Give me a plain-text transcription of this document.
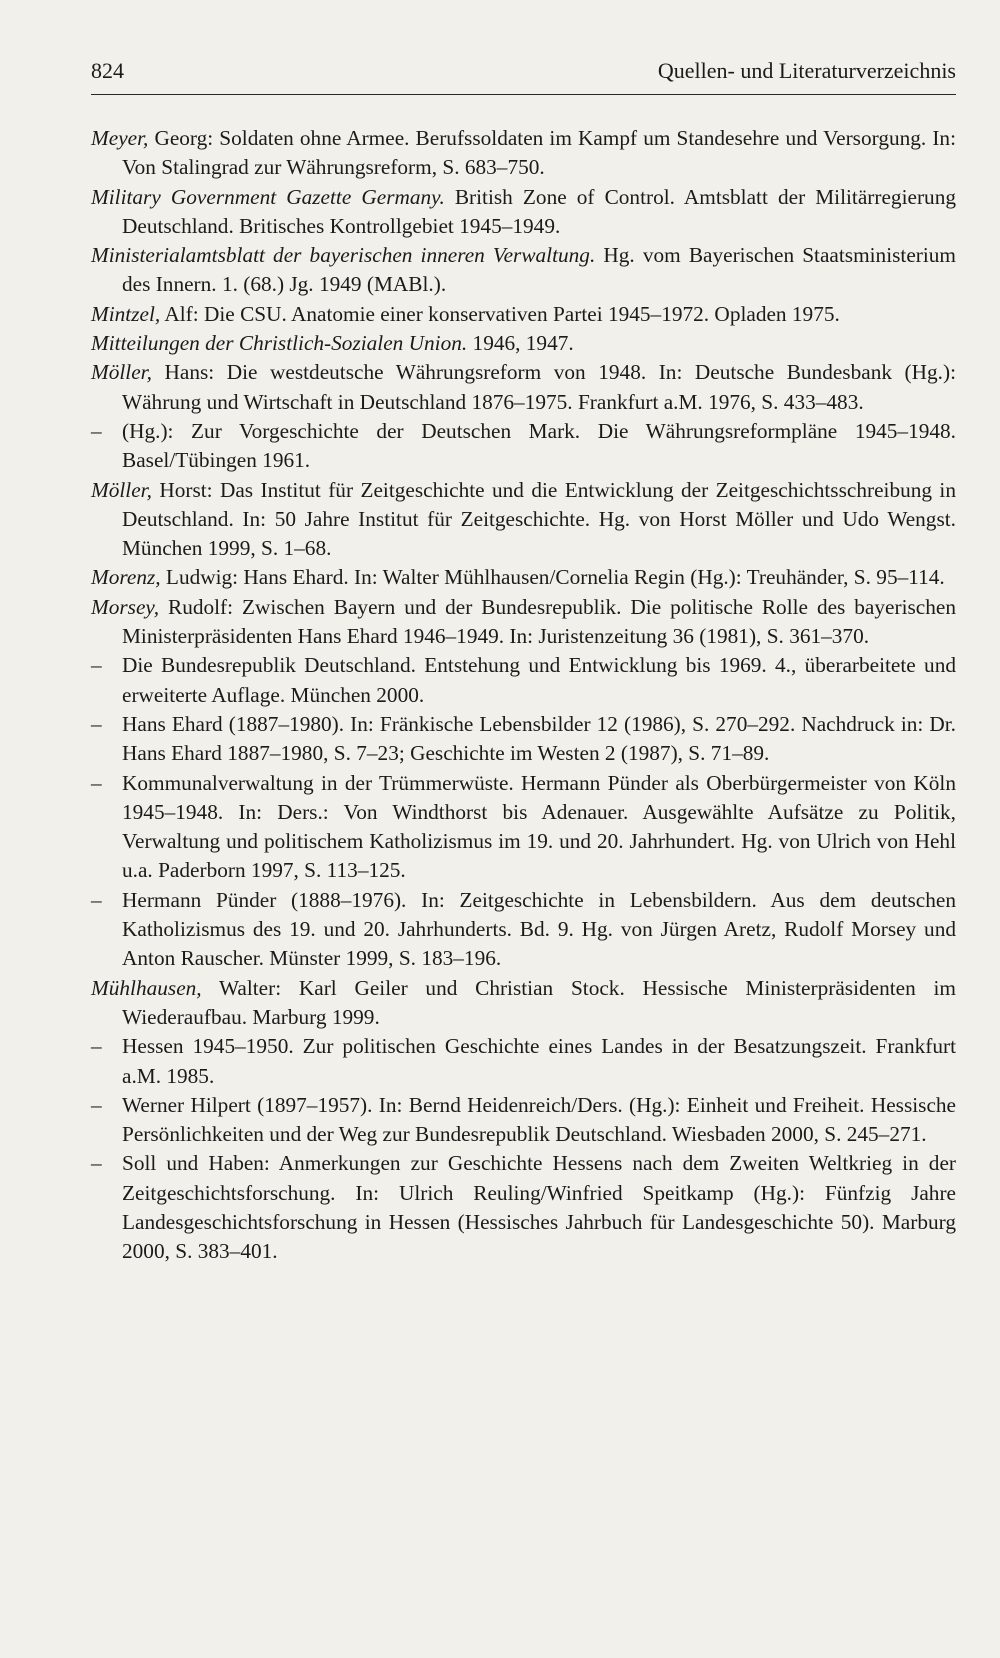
824	Quellen- und Literaturverzeichnis

Meyer, Georg: Soldaten ohne Armee. Berufssoldaten im Kampf um Standesehre und Versorgung. In: Von Stalingrad zur Währungsreform, S. 683–750.

Military Government Gazette Germany. British Zone of Control. Amtsblatt der Militärregierung Deutschland. Britisches Kontrollgebiet 1945–1949.

Ministerialamtsblatt der bayerischen inneren Verwaltung. Hg. vom Bayerischen Staatsministerium des Innern. 1. (68.) Jg. 1949 (MABl.).

Mintzel, Alf: Die CSU. Anatomie einer konservativen Partei 1945–1972. Opladen 1975.

Mitteilungen der Christlich-Sozialen Union. 1946, 1947.

Möller, Hans: Die westdeutsche Währungsreform von 1948. In: Deutsche Bundesbank (Hg.): Währung und Wirtschaft in Deutschland 1876–1975. Frankfurt a.M. 1976, S. 433–483.

– (Hg.): Zur Vorgeschichte der Deutschen Mark. Die Währungsreformpläne 1945–1948. Basel/Tübingen 1961.

Möller, Horst: Das Institut für Zeitgeschichte und die Entwicklung der Zeitgeschichtsschreibung in Deutschland. In: 50 Jahre Institut für Zeitgeschichte. Hg. von Horst Möller und Udo Wengst. München 1999, S. 1–68.

Morenz, Ludwig: Hans Ehard. In: Walter Mühlhausen/Cornelia Regin (Hg.): Treuhänder, S. 95–114.

Morsey, Rudolf: Zwischen Bayern und der Bundesrepublik. Die politische Rolle des bayerischen Ministerpräsidenten Hans Ehard 1946–1949. In: Juristenzeitung 36 (1981), S. 361–370.

– Die Bundesrepublik Deutschland. Entstehung und Entwicklung bis 1969. 4., überarbeitete und erweiterte Auflage. München 2000.

– Hans Ehard (1887–1980). In: Fränkische Lebensbilder 12 (1986), S. 270–292. Nachdruck in: Dr. Hans Ehard 1887–1980, S. 7–23; Geschichte im Westen 2 (1987), S. 71–89.

– Kommunalverwaltung in der Trümmerwüste. Hermann Pünder als Oberbürgermeister von Köln 1945–1948. In: Ders.: Von Windthorst bis Adenauer. Ausgewählte Aufsätze zu Politik, Verwaltung und politischem Katholizismus im 19. und 20. Jahrhundert. Hg. von Ulrich von Hehl u.a. Paderborn 1997, S. 113–125.

– Hermann Pünder (1888–1976). In: Zeitgeschichte in Lebensbildern. Aus dem deutschen Katholizismus des 19. und 20. Jahrhunderts. Bd. 9. Hg. von Jürgen Aretz, Rudolf Morsey und Anton Rauscher. Münster 1999, S. 183–196.

Mühlhausen, Walter: Karl Geiler und Christian Stock. Hessische Ministerpräsidenten im Wiederaufbau. Marburg 1999.

– Hessen 1945–1950. Zur politischen Geschichte eines Landes in der Besatzungszeit. Frankfurt a.M. 1985.

– Werner Hilpert (1897–1957). In: Bernd Heidenreich/Ders. (Hg.): Einheit und Freiheit. Hessische Persönlichkeiten und der Weg zur Bundesrepublik Deutschland. Wiesbaden 2000, S. 245–271.

– Soll und Haben: Anmerkungen zur Geschichte Hessens nach dem Zweiten Weltkrieg in der Zeitgeschichtsforschung. In: Ulrich Reuling/Winfried Speitkamp (Hg.): Fünfzig Jahre Landesgeschichtsforschung in Hessen (Hessisches Jahrbuch für Landesgeschichte 50). Marburg 2000, S. 383–401.
